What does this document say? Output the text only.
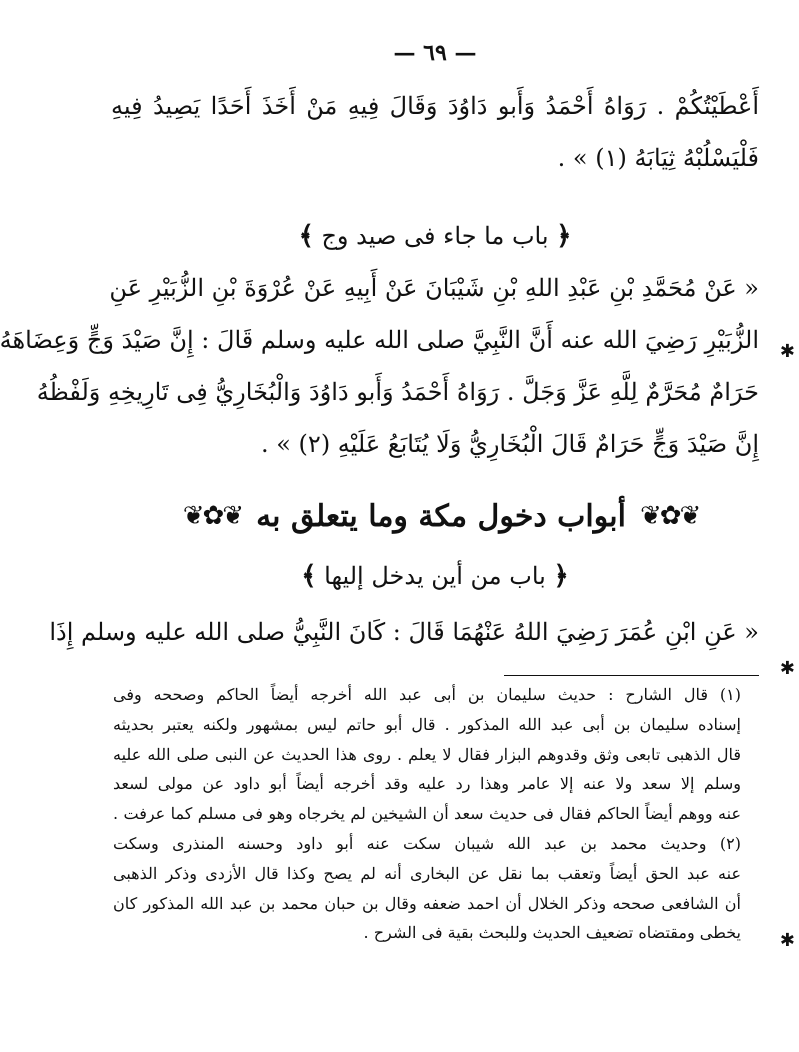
— ٦٩ —
أَعْطَيْتُكُمْ . رَوَاهُ أَحْمَدُ وَأَبو دَاوُدَ وَقَالَ فِيهِ مَنْ أَخَذَ أَحَدًا يَصِيدُ فِيهِ
فَلْيَسْلُبْهُ ثِيَابَهُ (١) » .
﴿ باب ما جاء فى صيد وج ﴾
« عَنْ مُحَمَّدِ بْنِ عَبْدِ اللهِ بْنِ شَيْبَانَ عَنْ أَبِيهِ عَنْ عُرْوَةَ بْنِ الزُّبَيْرِ عَنِ
الزُّبَيْرِ رَضِيَ الله عنه أَنَّ النَّبِيَّ صلى الله عليه وسلم قَالَ : إِنَّ صَيْدَ وَجٍّ وَعِضَاهَهُ
حَرَامٌ مُحَرَّمٌ لِلَّهِ عَزَّ وَجَلَّ . رَوَاهُ أَحْمَدُ وَأَبو دَاوُدَ وَالْبُخَارِيُّ فِى تَارِيخِهِ وَلَفْظُهُ
إِنَّ صَيْدَ وَجٍّ حَرَامٌ قَالَ الْبُخَارِيُّ وَلَا يُتَابَعُ عَلَيْهِ (٢) » .
❦✿❦
أبواب دخول مكة وما يتعلق به
❦✿❦
﴿ باب من أين يدخل إليها ﴾
« عَنِ ابْنِ عُمَرَ رَضِيَ اللهُ عَنْهُمَا قَالَ : كَانَ النَّبِيُّ صلى الله عليه وسلم إِذَا
(١) قال الشارح : حديث سليمان بن أبى عبد الله أخرجه أيضاً الحاكم وصححه وفى
إسناده سليمان بن أبى عبد الله المذكور . قال أبو حاتم ليس بمشهور ولكنه يعتبر بحديثه
قال الذهبى تابعى وثق وقدوهم البزار فقال لا يعلم . روى هذا الحديث عن النبى صلى الله عليه
وسلم إلا سعد ولا عنه إلا عامر وهذا رد عليه وقد أخرجه أيضاً أبو داود عن مولى لسعد
عنه ووهم أيضاً الحاكم فقال فى حديث سعد أن الشيخين لم يخرجاه وهو فى مسلم كما عرفت .
(٢) وحديث محمد بن عبد الله شيبان سكت عنه أبو داود وحسنه المنذرى وسكت
عنه عبد الحق أيضاً وتعقب بما نقل عن البخارى أنه لم يصح وكذا قال الأزدى وذكر الذهبى
أن الشافعى صححه وذكر الخلال أن احمد ضعفه وقال بن حبان محمد بن عبد الله المذكور كان
يخطى ومقتضاه تضعيف الحديث وللبحث بقية فى الشرح .
✱
✱
✱
